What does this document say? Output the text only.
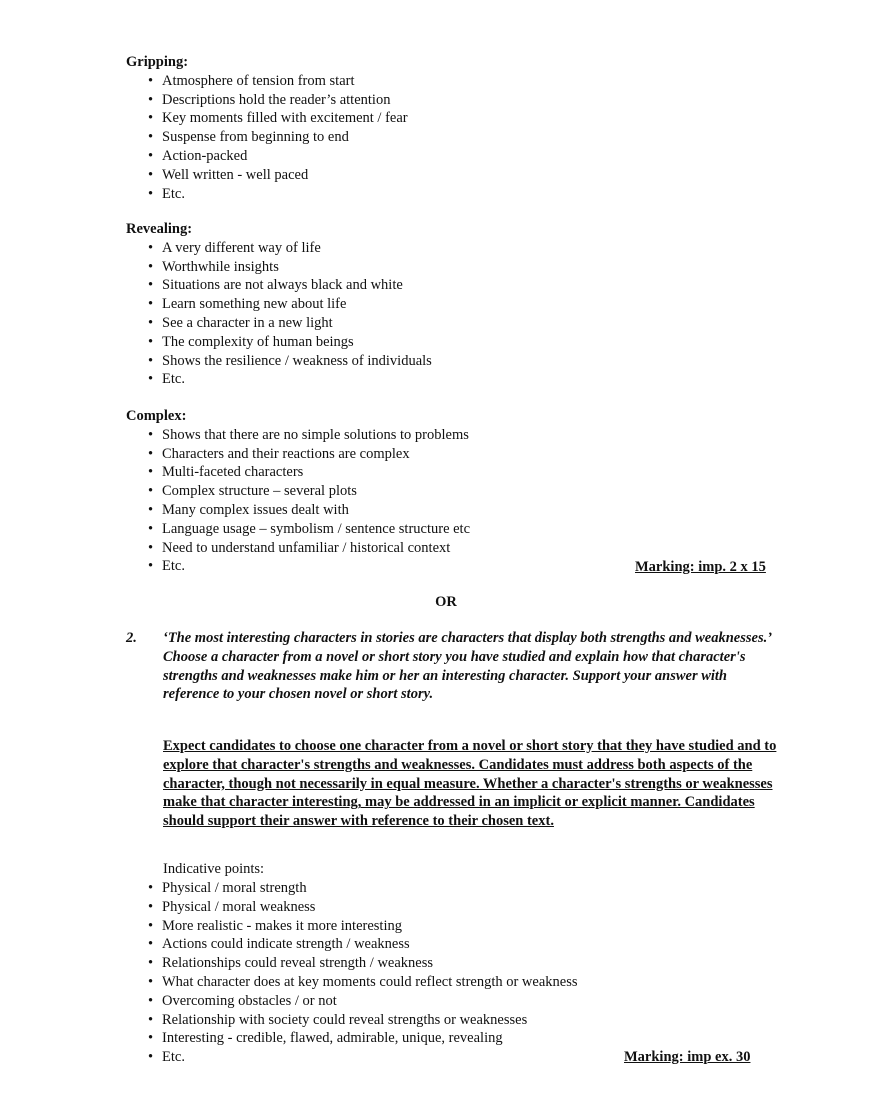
Gripping:

• Atmosphere of tension from start
• Descriptions hold the reader’s attention
• Key moments filled with excitement / fear
• Suspense from beginning to end
• Action-packed
• Well written - well paced
• Etc.

Revealing:

• A very different way of life
• Worthwhile insights
• Situations are not always black and white
• Learn something new about life
• See a character in a new light
• The complexity of human beings
• Shows the resilience / weakness of individuals
• Etc.

Complex:

• Shows that there are no simple solutions to problems
• Characters and their reactions are complex
• Multi-faceted characters
• Complex structure – several plots
• Many complex issues dealt with
• Language usage – symbolism / sentence structure etc
• Need to understand unfamiliar / historical context
• Etc.	Marking: imp. 2 x 15
OR
2. ‘The most interesting characters in stories are characters that display both strengths and weaknesses.’

Choose a character from a novel or short story you have studied and explain how that character's strengths and weaknesses make him or her an interesting character. Support your answer with reference to your chosen novel or short story.

Expect candidates to choose one character from a novel or short story that they have studied and to explore that character's strengths and weaknesses. Candidates must address both aspects of the character, though not necessarily in equal measure. Whether a character's strengths or weaknesses make that character interesting, may be addressed in an implicit or explicit manner. Candidates should support their answer with reference to their chosen text.
Indicative points:
• Physical / moral strength
• Physical / moral weakness
• More realistic - makes it more interesting
• Actions could indicate strength / weakness
• Relationships could reveal strength / weakness
• What character does at key moments could reflect strength or weakness
• Overcoming obstacles / or not
• Relationship with society could reveal strengths or weaknesses
• Interesting - credible, flawed, admirable, unique, revealing
• Etc.	Marking: imp ex. 30
